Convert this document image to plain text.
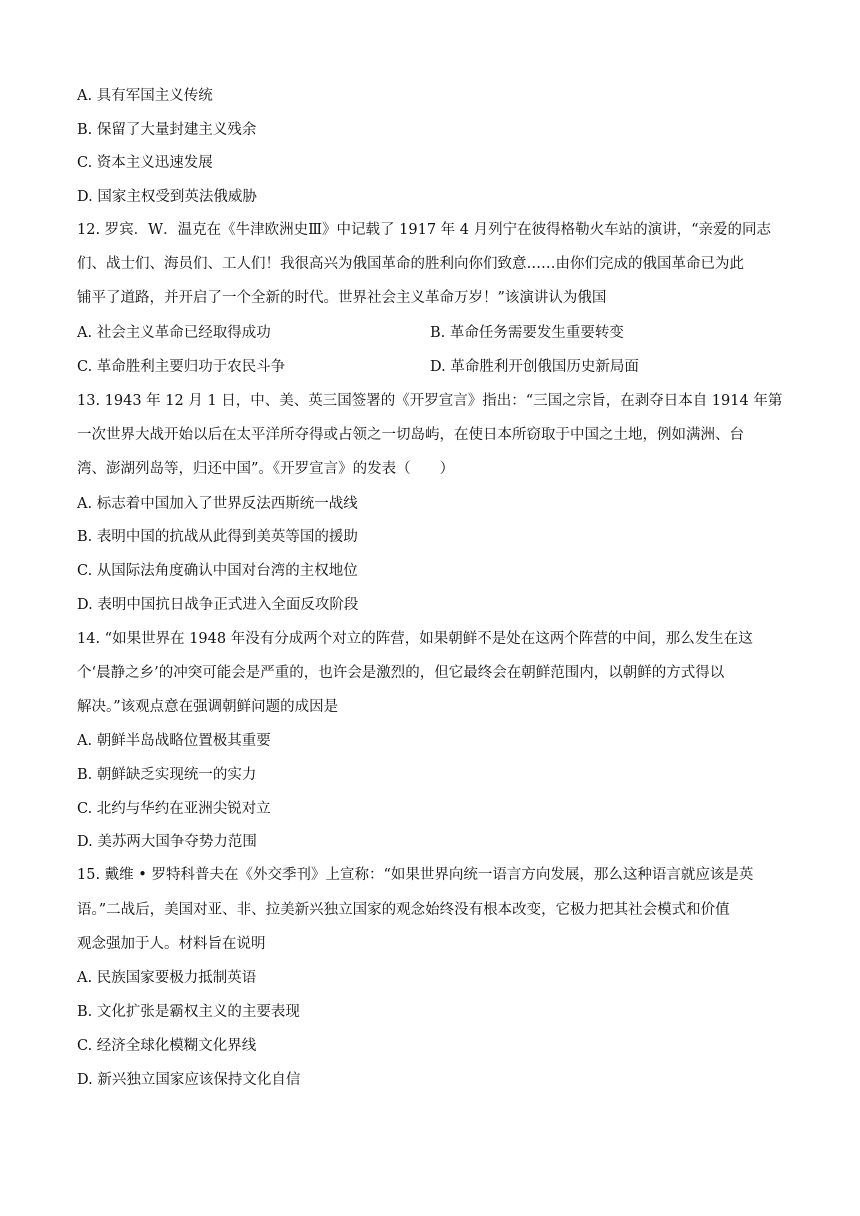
A. 具有军国主义传统
B. 保留了大量封建主义残余
C. 资本主义迅速发展
D. 国家主权受到英法俄威胁
12. 罗宾．W．温克在《牛津欧洲史Ⅲ》中记载了 1917 年 4 月列宁在彼得格勒火车站的演讲，“亲爱的同志
们、战士们、海员们、工人们！我很高兴为俄国革命的胜利向你们致意……由你们完成的俄国革命已为此
铺平了道路，并开启了一个全新的时代。世界社会主义革命万岁！”该演讲认为俄国
A. 社会主义革命已经取得成功	B. 革命任务需要发生重要转变
C. 革命胜利主要归功于农民斗争	D. 革命胜利开创俄国历史新局面
13. 1943 年 12 月 1 日，中、美、英三国签署的《开罗宣言》指出：“三国之宗旨，在剥夺日本自 1914 年第
一次世界大战开始以后在太平洋所夺得或占领之一切岛屿，在使日本所窃取于中国之土地，例如满洲、台
湾、澎湖列岛等，归还中国”。《开罗宣言》的发表（　　）
A. 标志着中国加入了世界反法西斯统一战线
B. 表明中国的抗战从此得到美英等国的援助
C. 从国际法角度确认中国对台湾的主权地位
D. 表明中国抗日战争正式进入全面反攻阶段
14. “如果世界在 1948 年没有分成两个对立的阵营，如果朝鲜不是处在这两个阵营的中间，那么发生在这
个‘晨静之乡’的冲突可能会是严重的，也许会是激烈的，但它最终会在朝鲜范围内，以朝鲜的方式得以
解决。”该观点意在强调朝鲜问题的成因是
A. 朝鲜半岛战略位置极其重要
B. 朝鲜缺乏实现统一的实力
C. 北约与华约在亚洲尖锐对立
D. 美苏两大国争夺势力范围
15. 戴维 • 罗特科普夫在《外交季刊》上宣称：“如果世界向统一语言方向发展，那么这种语言就应该是英
语。”二战后，美国对亚、非、拉美新兴独立国家的观念始终没有根本改变，它极力把其社会模式和价值
观念强加于人。材料旨在说明
A. 民族国家要极力抵制英语
B. 文化扩张是霸权主义的主要表现
C. 经济全球化模糊文化界线
D. 新兴独立国家应该保持文化自信
